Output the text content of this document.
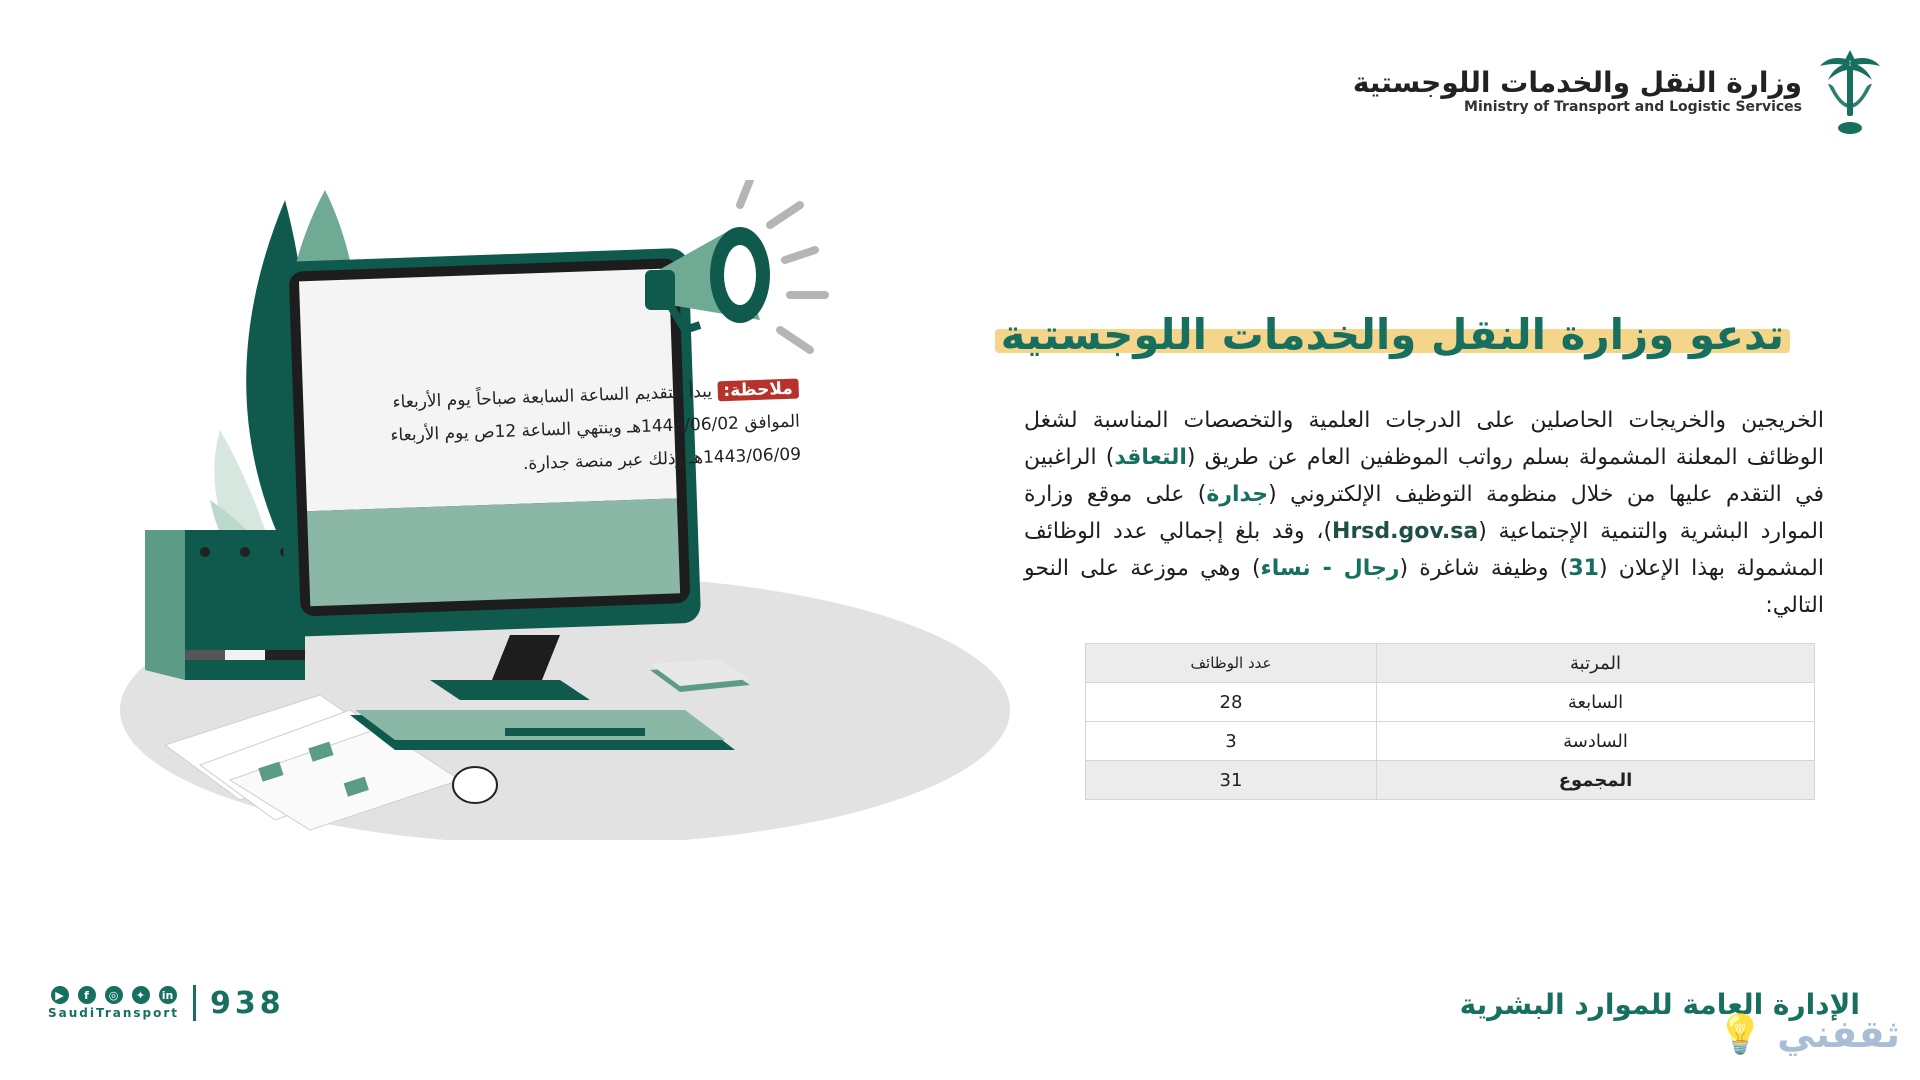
وزارة النقل والخدمات اللوجستية
Ministry of Transport and Logistic Services
ملاحظة: يبدأ التقديم الساعة السابعة صباحاً يوم الأربعاء الموافق 1443/06/02هـ وينتهي الساعة 12ص يوم الأربعاء 1443/06/09هـ وذلك عبر منصة جدارة.
تدعو وزارة النقل والخدمات اللوجستية
الخريجين والخريجات الحاصلين على الدرجات العلمية والتخصصات المناسبة لشغل الوظائف المعلنة المشمولة بسلم رواتب الموظفين العام عن طريق (التعاقد) الراغبين في التقدم عليها من خلال منظومة التوظيف الإلكتروني (جدارة) على موقع وزارة الموارد البشرية والتنمية الإجتماعية (Hrsd.gov.sa)، وقد بلغ إجمالي عدد الوظائف المشمولة بهذا الإعلان (31) وظيفة شاغرة (رجال - نساء) وهي موزعة على النحو التالي:
المرتبة	عدد الوظائف
السابعة	28
السادسة	3
المجموع	31
▶	f	◎	✦	in
SaudiTransport 938	الإدارة العامة للموارد البشرية
ثقفني 💡
